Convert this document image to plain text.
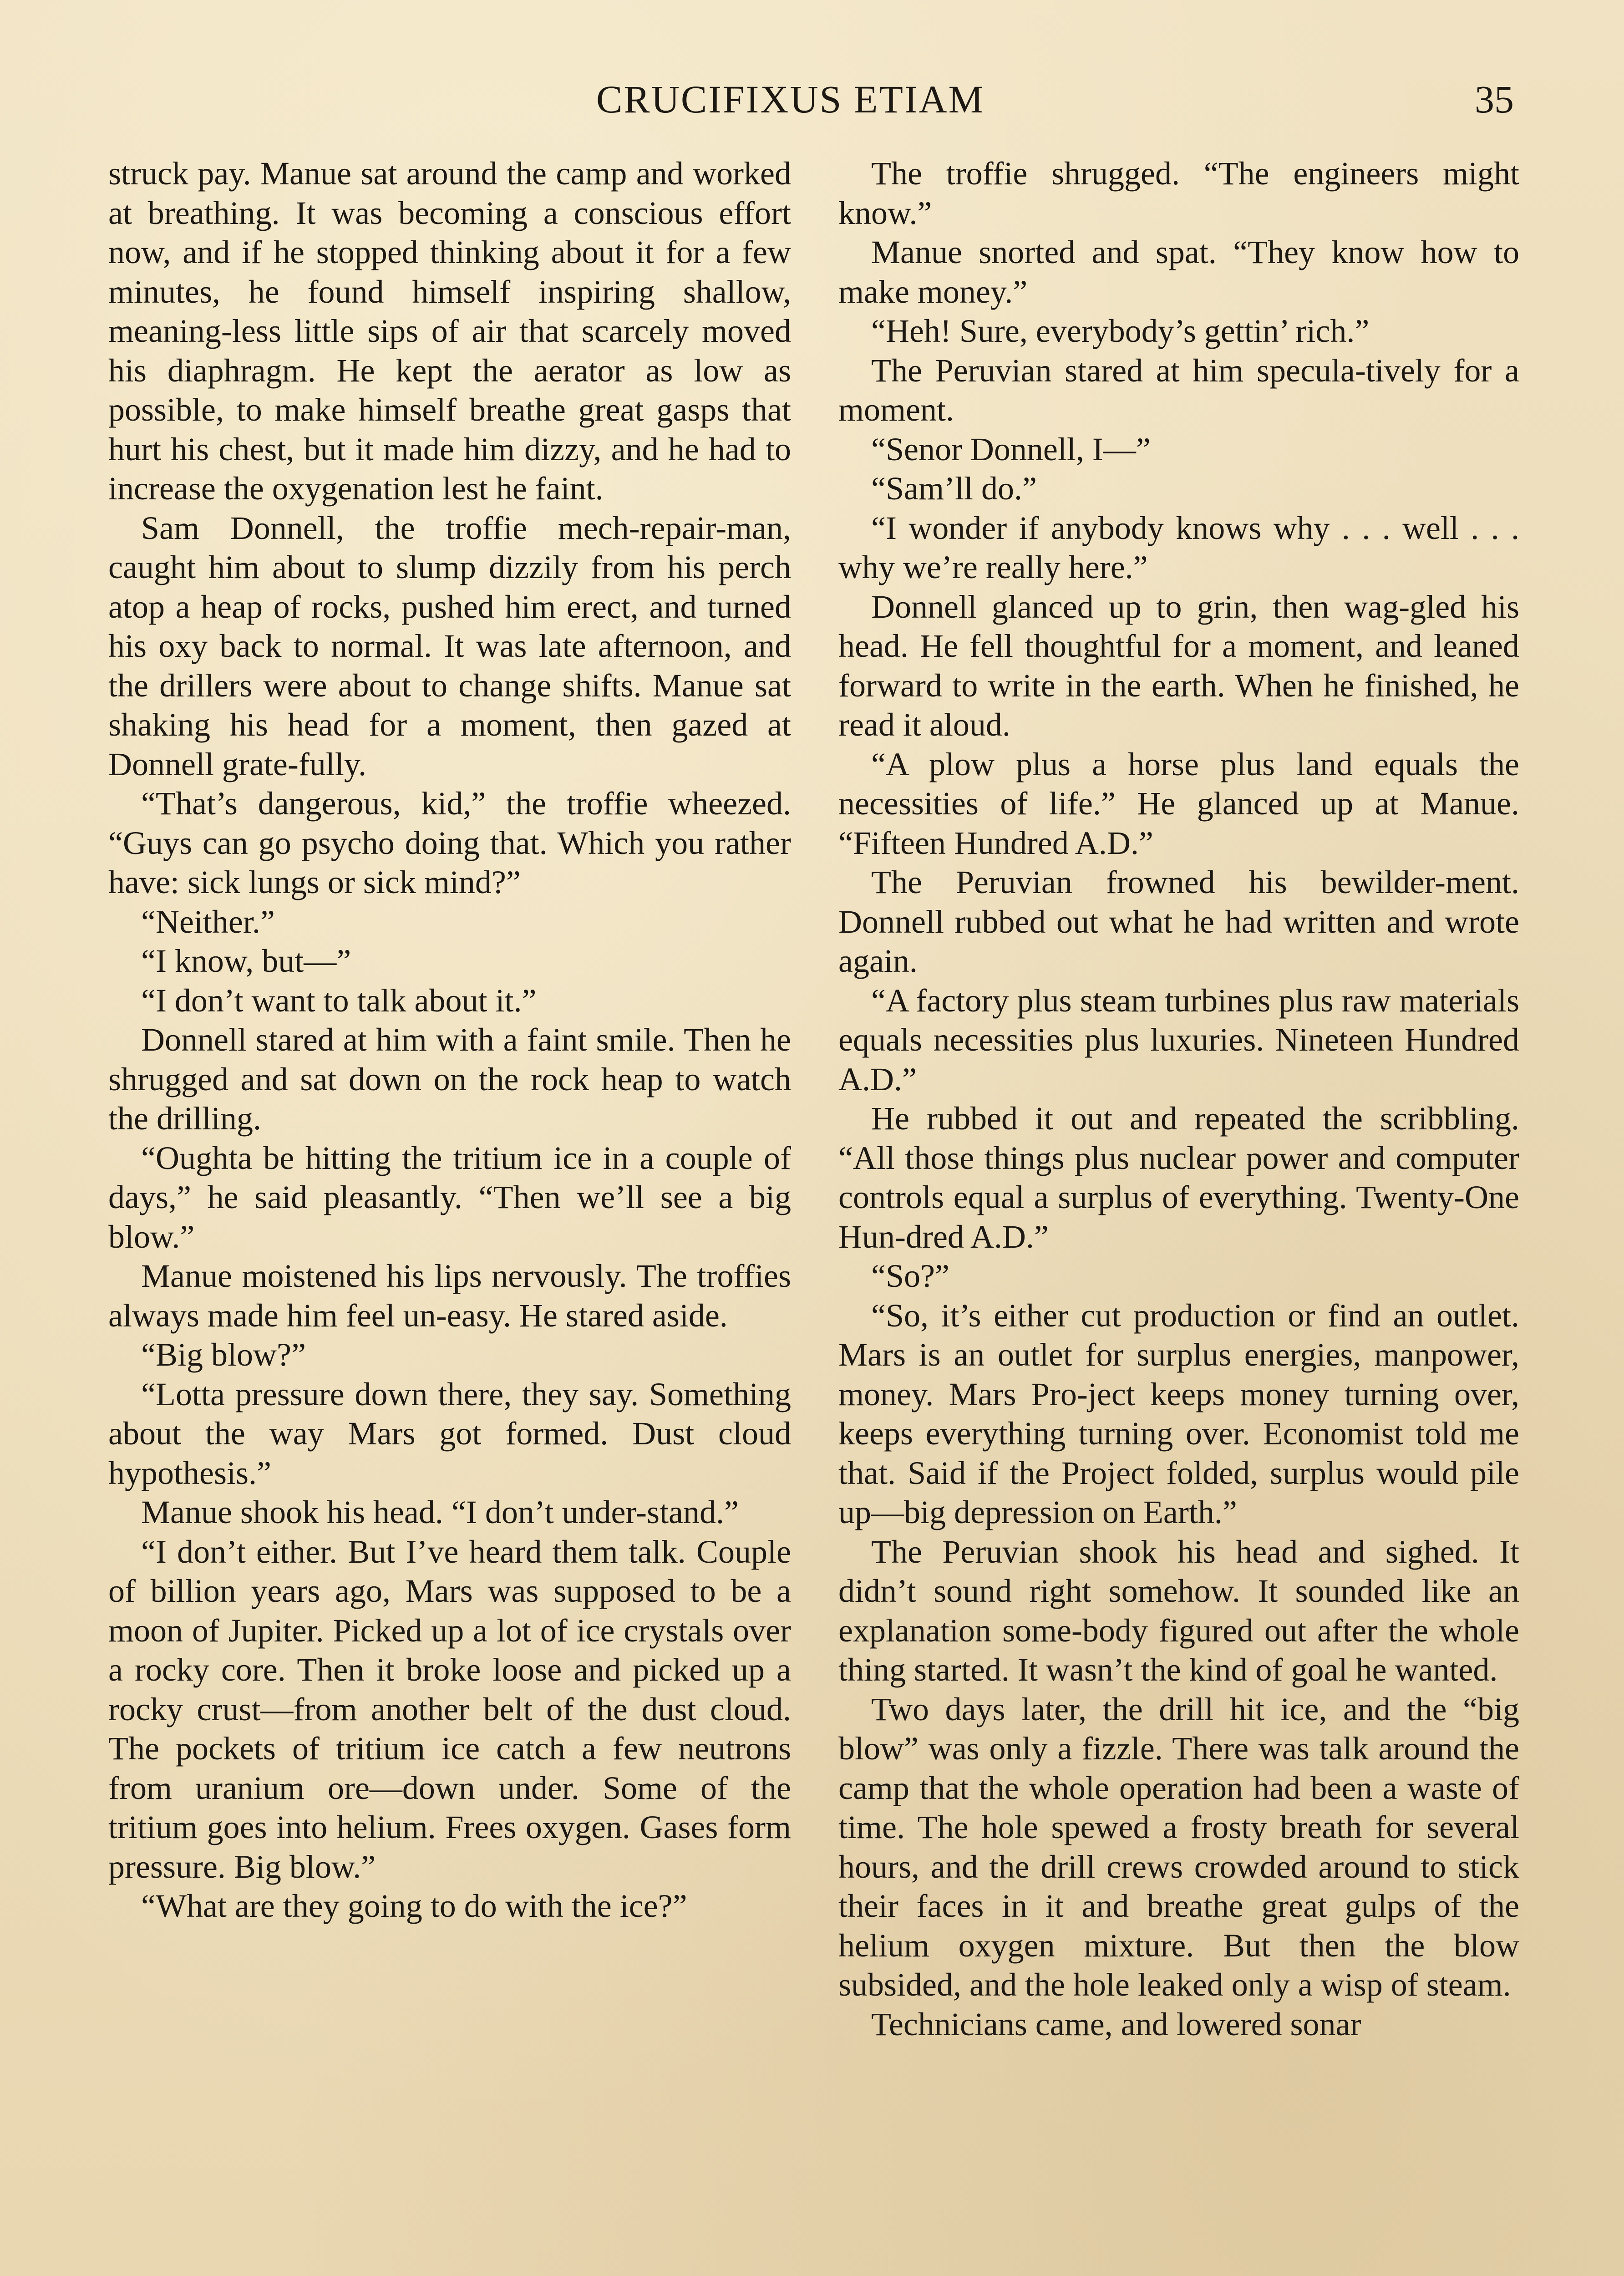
CRUCIFIXUS ETIAM	35

struck pay. Manue sat around the camp and worked at breathing. It was becoming a conscious effort now, and if he stopped thinking about it for a few minutes, he found himself inspiring shallow, meaning-less little sips of air that scarcely moved his diaphragm. He kept the aerator as low as possible, to make himself breathe great gasps that hurt his chest, but it made him dizzy, and he had to increase the oxygenation lest he faint.

Sam Donnell, the troffie mech-repair-man, caught him about to slump dizzily from his perch atop a heap of rocks, pushed him erect, and turned his oxy back to normal. It was late afternoon, and the drillers were about to change shifts. Manue sat shaking his head for a moment, then gazed at Donnell grate-fully.

“That’s dangerous, kid,” the troffie wheezed. “Guys can go psycho doing that. Which you rather have: sick lungs or sick mind?”

“Neither.”

“I know, but—”

“I don’t want to talk about it.”

Donnell stared at him with a faint smile. Then he shrugged and sat down on the rock heap to watch the drilling.

“Oughta be hitting the tritium ice in a couple of days,” he said pleasantly. “Then we’ll see a big blow.”

Manue moistened his lips nervously. The troffies always made him feel un-easy. He stared aside.

“Big blow?”

“Lotta pressure down there, they say. Something about the way Mars got formed. Dust cloud hypothesis.”

Manue shook his head. “I don’t under-stand.”

“I don’t either. But I’ve heard them talk. Couple of billion years ago, Mars was supposed to be a moon of Jupiter. Picked up a lot of ice crystals over a rocky core. Then it broke loose and picked up a rocky crust—from another belt of the dust cloud. The pockets of tritium ice catch a few neutrons from uranium ore—down under. Some of the tritium goes into helium. Frees oxygen. Gases form pressure. Big blow.”

“What are they going to do with the ice?”

The troffie shrugged. “The engineers might know.”

Manue snorted and spat. “They know how to make money.”

“Heh! Sure, everybody’s gettin’ rich.”

The Peruvian stared at him specula-tively for a moment.

“Senor Donnell, I—”

“Sam’ll do.”

“I wonder if anybody knows why . . . well . . . why we’re really here.”

Donnell glanced up to grin, then wag-gled his head. He fell thoughtful for a moment, and leaned forward to write in the earth. When he finished, he read it aloud.

“A plow plus a horse plus land equals the necessities of life.” He glanced up at Manue. “Fifteen Hundred A.D.”

The Peruvian frowned his bewilder-ment. Donnell rubbed out what he had written and wrote again.

“A factory plus steam turbines plus raw materials equals necessities plus luxuries. Nineteen Hundred A.D.”

He rubbed it out and repeated the scribbling. “All those things plus nuclear power and computer controls equal a surplus of everything. Twenty-One Hun-dred A.D.”

“So?”

“So, it’s either cut production or find an outlet. Mars is an outlet for surplus energies, manpower, money. Mars Pro-ject keeps money turning over, keeps everything turning over. Economist told me that. Said if the Project folded, surplus would pile up—big depression on Earth.”

The Peruvian shook his head and sighed. It didn’t sound right somehow. It sounded like an explanation some-body figured out after the whole thing started. It wasn’t the kind of goal he wanted.

Two days later, the drill hit ice, and the “big blow” was only a fizzle. There was talk around the camp that the whole operation had been a waste of time. The hole spewed a frosty breath for several hours, and the drill crews crowded around to stick their faces in it and breathe great gulps of the helium oxygen mixture. But then the blow subsided, and the hole leaked only a wisp of steam.

Technicians came, and lowered sonar
